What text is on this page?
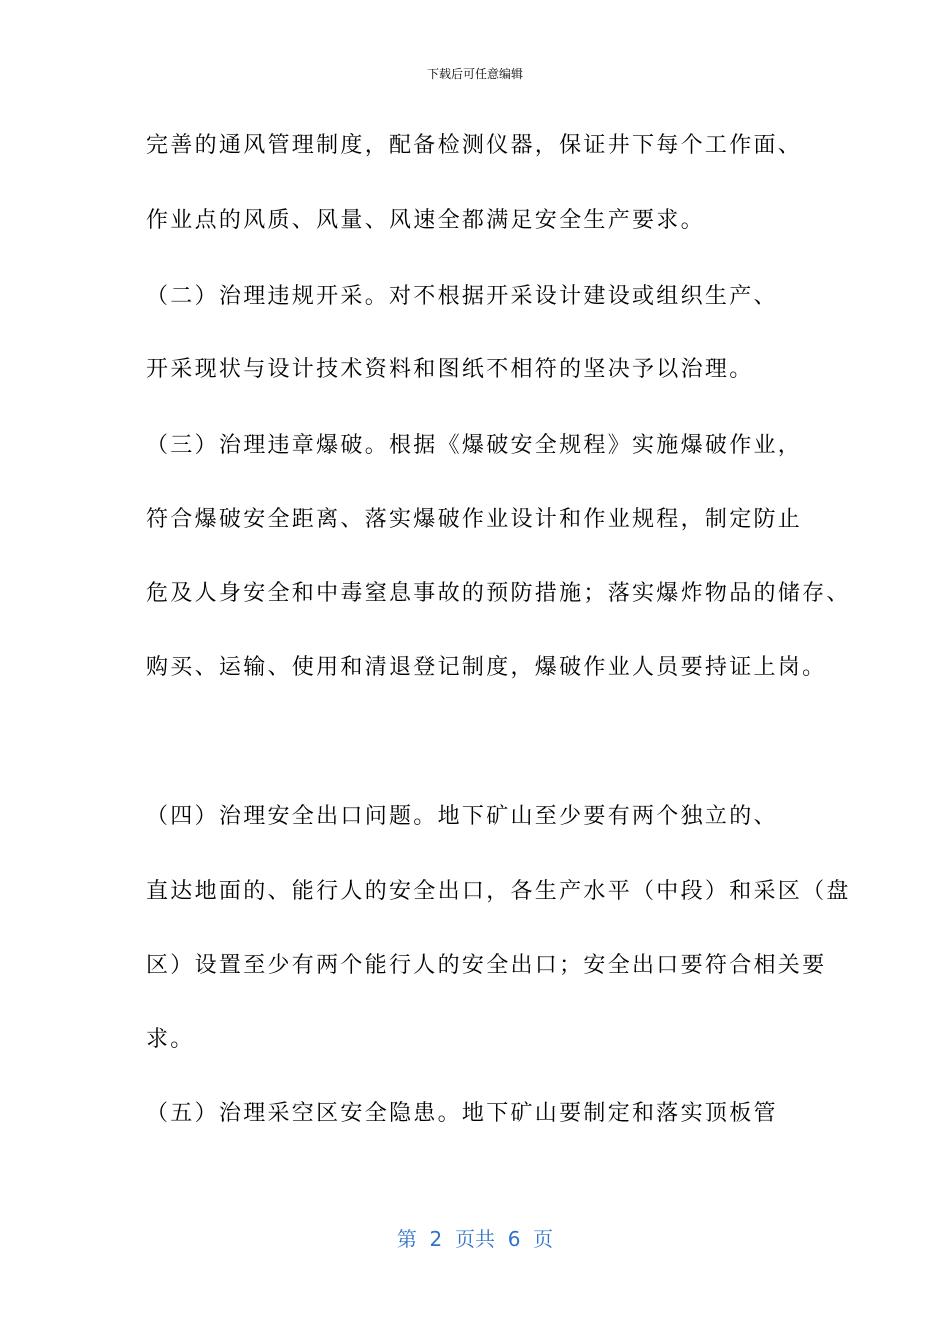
下载后可任意编辑
完善的通风管理制度，配备检测仪器，保证井下每个工作面、
作业点的风质、风量、风速全都满足安全生产要求。
（二）治理违规开采。对不根据开采设计建设或组织生产、
开采现状与设计技术资料和图纸不相符的坚决予以治理。
（三）治理违章爆破。根据《爆破安全规程》实施爆破作业，
符合爆破安全距离、落实爆破作业设计和作业规程，制定防止
危及人身安全和中毒窒息事故的预防措施；落实爆炸物品的储存、
购买、运输、使用和清退登记制度，爆破作业人员要持证上岗。
（四）治理安全出口问题。地下矿山至少要有两个独立的、
直达地面的、能行人的安全出口，各生产水平（中段）和采区（盘
区）设置至少有两个能行人的安全出口；安全出口要符合相关要
求。
（五）治理采空区安全隐患。地下矿山要制定和落实顶板管
第  2  页共  6  页
